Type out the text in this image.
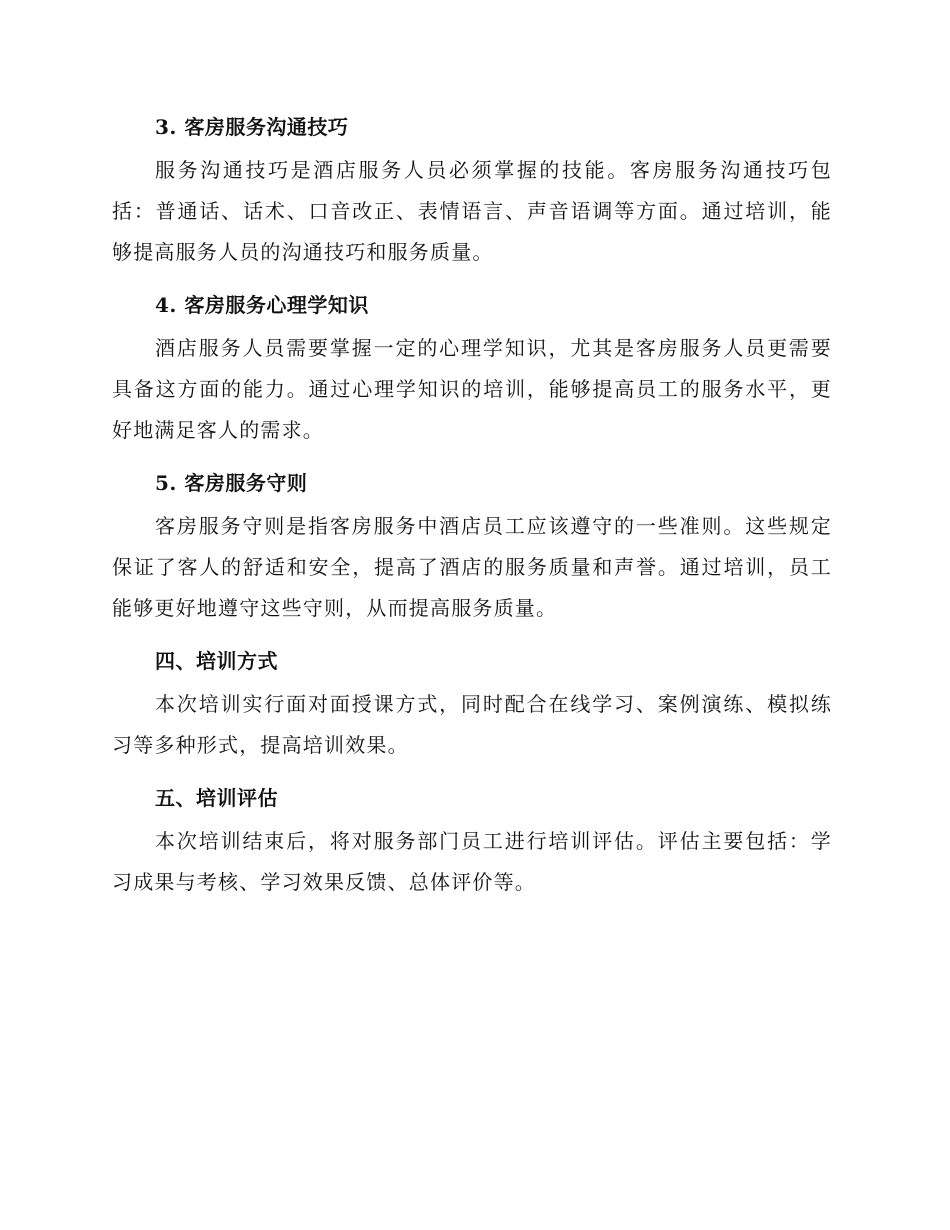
3. 客房服务沟通技巧

服务沟通技巧是酒店服务人员必须掌握的技能。客房服务沟通技巧包括：普通话、话术、口音改正、表情语言、声音语调等方面。通过培训，能够提高服务人员的沟通技巧和服务质量。

4. 客房服务心理学知识

酒店服务人员需要掌握一定的心理学知识，尤其是客房服务人员更需要具备这方面的能力。通过心理学知识的培训，能够提高员工的服务水平，更好地满足客人的需求。

5. 客房服务守则

客房服务守则是指客房服务中酒店员工应该遵守的一些准则。这些规定保证了客人的舒适和安全，提高了酒店的服务质量和声誉。通过培训，员工能够更好地遵守这些守则，从而提高服务质量。

四、培训方式

本次培训实行面对面授课方式，同时配合在线学习、案例演练、模拟练习等多种形式，提高培训效果。

五、培训评估

本次培训结束后，将对服务部门员工进行培训评估。评估主要包括：学习成果与考核、学习效果反馈、总体评价等。
